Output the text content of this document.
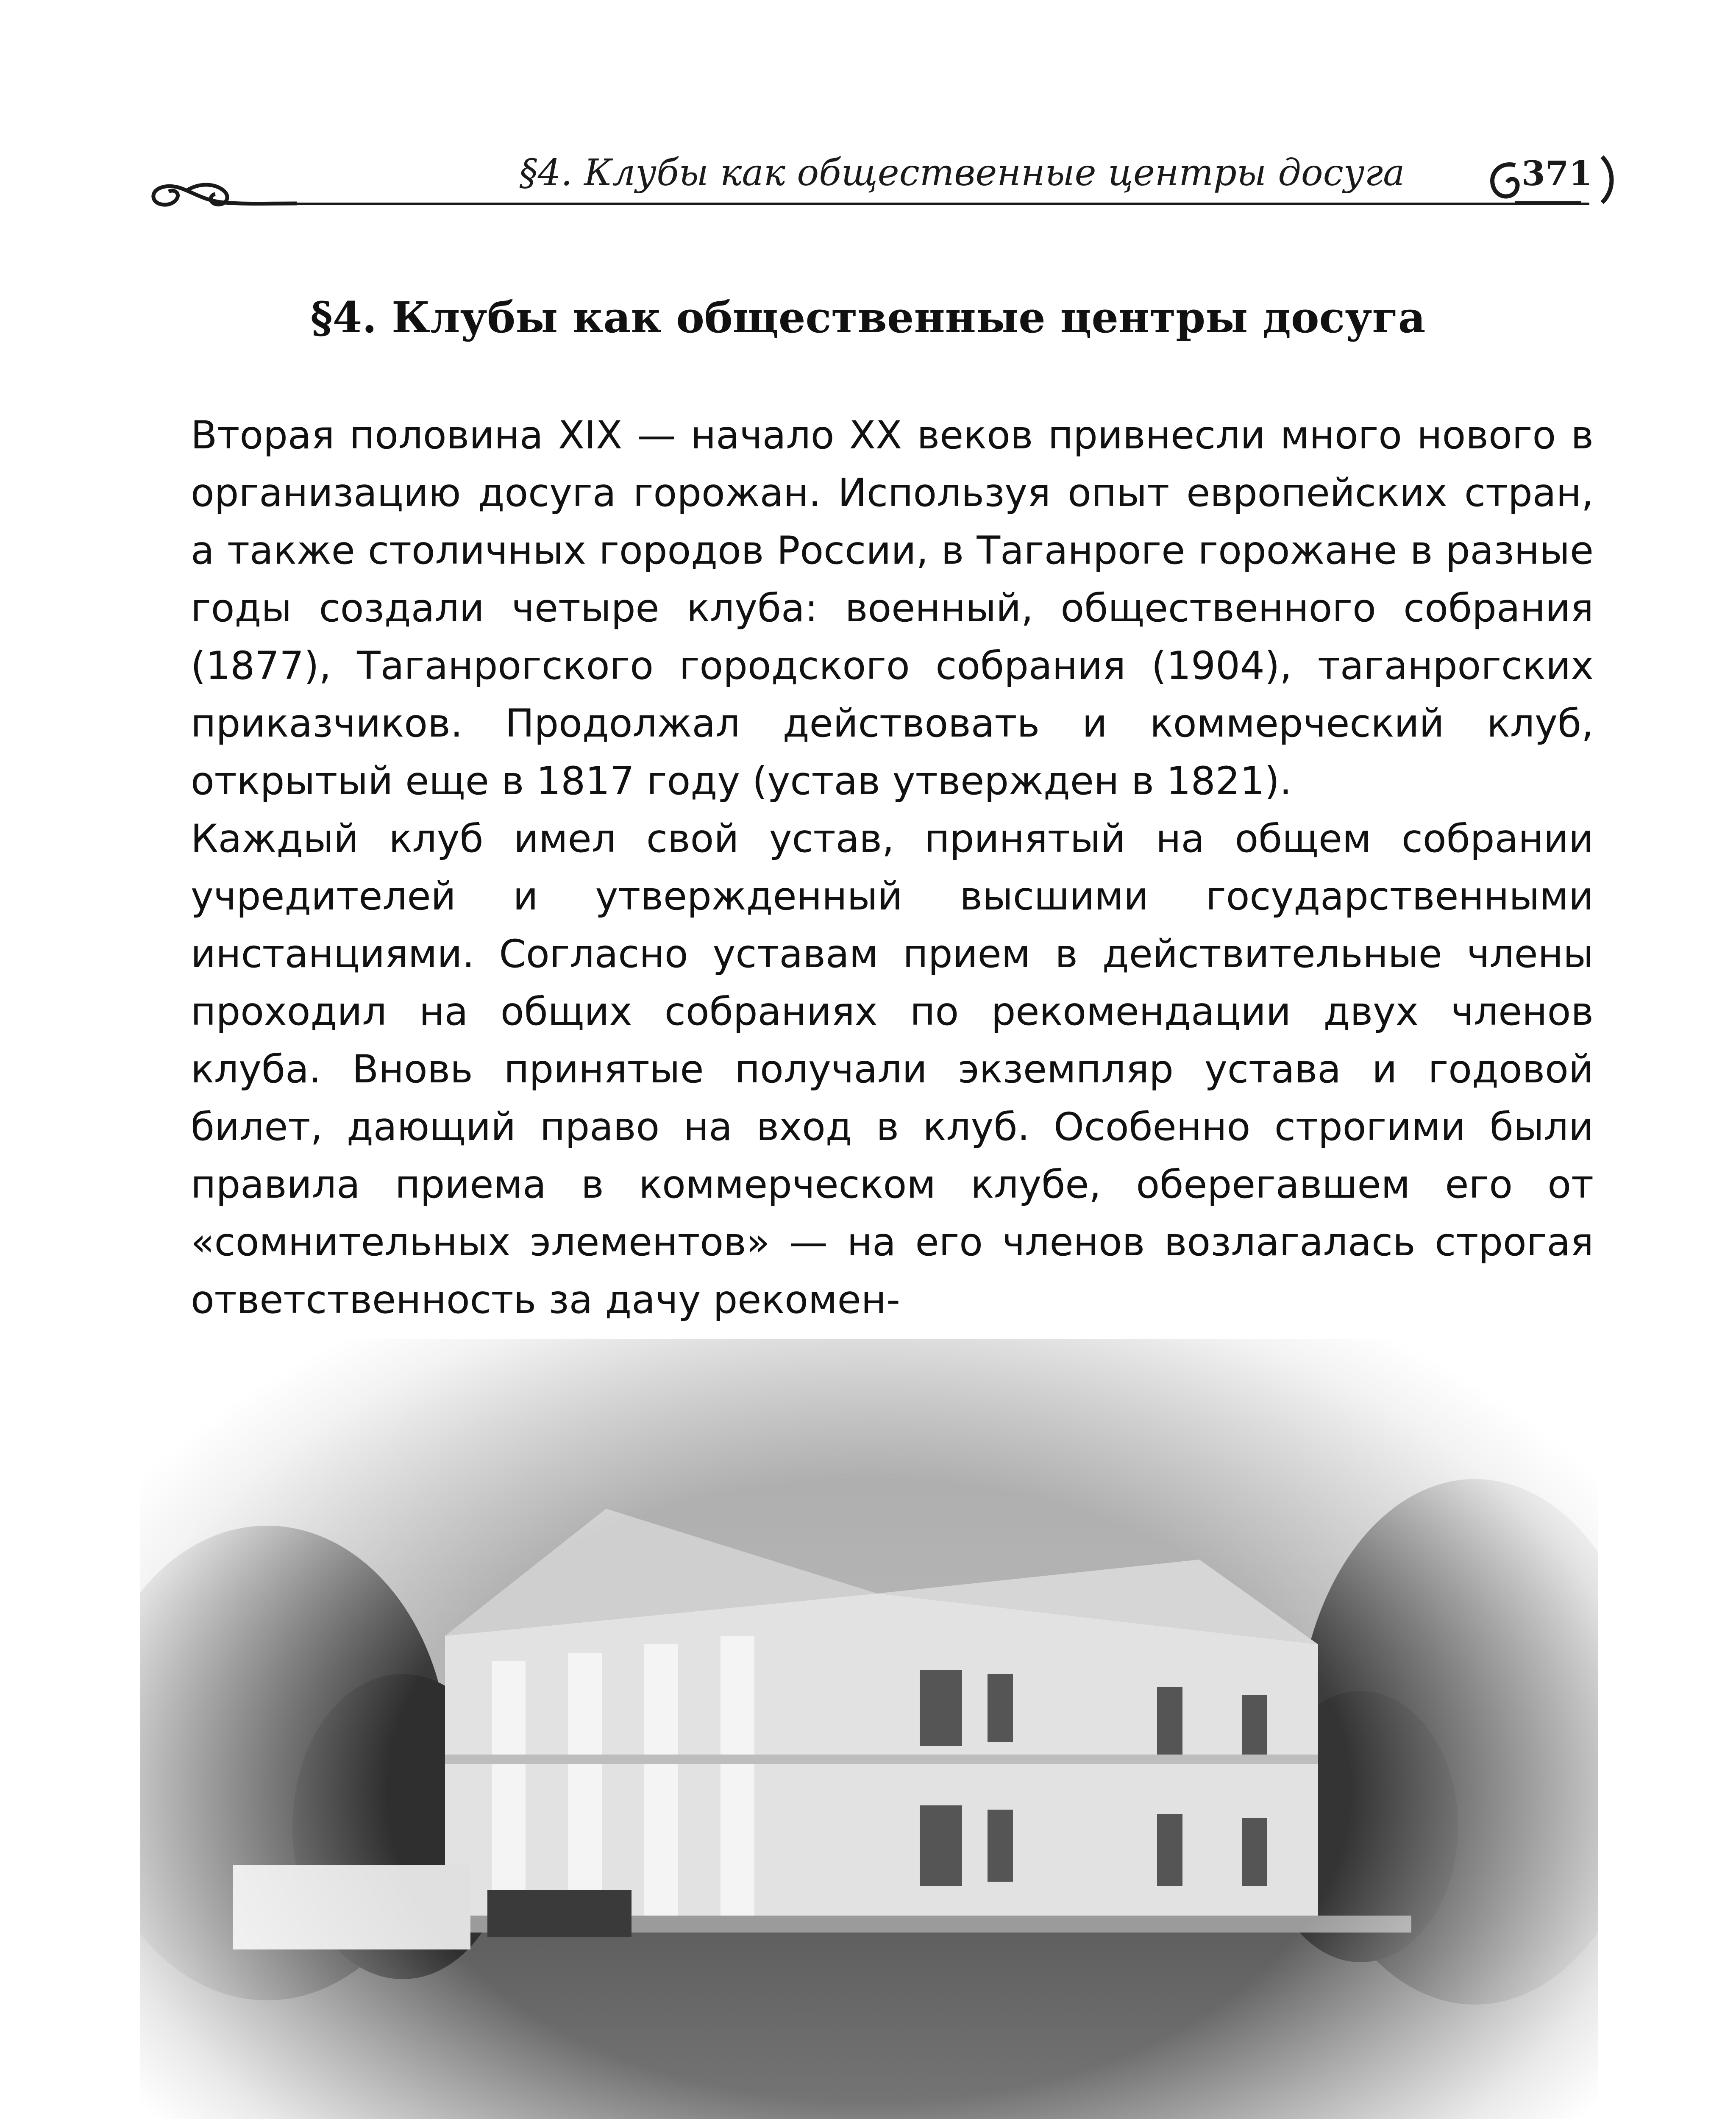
§4. Клубы как общественные центры досуга	371
§4. Клубы как общественные центры досуга

Вторая половина XIX — начало XX веков привнесли много нового в организацию досуга горожан. Используя опыт европейских стран, а также столичных городов России, в Таганроге горожане в разные годы создали четыре клуба: военный, общественного собрания (1877), Таганрогского городского собрания (1904), таганрогских приказчиков. Продолжал действовать и коммерческий клуб, открытый еще в 1817 году (устав утвержден в 1821).

Каждый клуб имел свой устав, принятый на общем собрании учредителей и утвержденный высшими государственными инстанциями. Согласно уставам прием в действительные члены проходил на общих собраниях по рекомендации двух членов клуба. Вновь принятые получали экземпляр устава и годовой билет, дающий право на вход в клуб. Особенно строгими были правила приема в коммерческом клубе, оберегавшем его от «сомнительных элементов» — на его членов возлагалась строгая ответственность за дачу рекомен-
